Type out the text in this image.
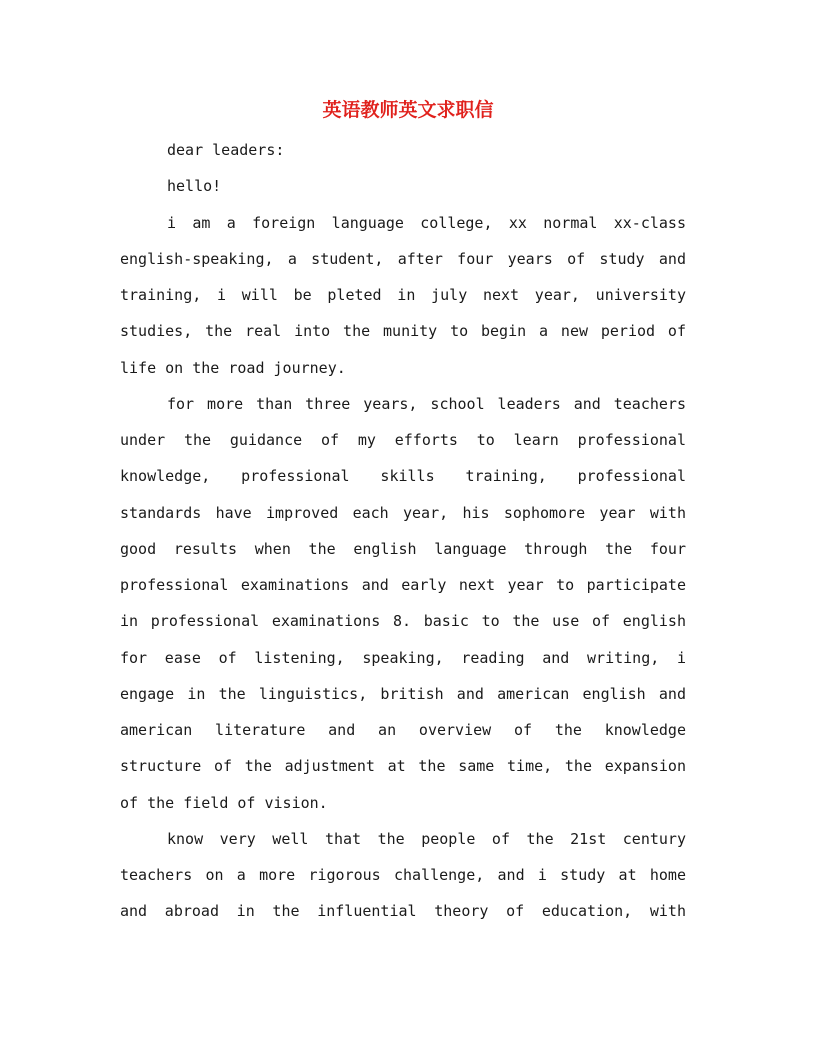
英语教师英文求职信
dear leaders:
hello!

i am a foreign language college, xx normal xx-class
english-speaking, a student, after four years of study and
training, i will be pleted in july next year, university
studies, the real into the munity to begin a new period of
life on the road journey.

for more than three years, school leaders and teachers
under the guidance of my efforts to learn professional
knowledge, professional skills training, professional
standards have improved each year, his sophomore year with
good results when the english language through the four
professional examinations and early next year to participate
in professional examinations 8. basic to the use of english
for ease of listening, speaking, reading and writing, i
engage in the linguistics, british and american english and
american literature and an overview of the knowledge
structure of the adjustment at the same time, the expansion
of the field of vision.

know very well that the people of the 21st century
teachers on a more rigorous challenge, and i study at home
and abroad in the influential theory of education, with
